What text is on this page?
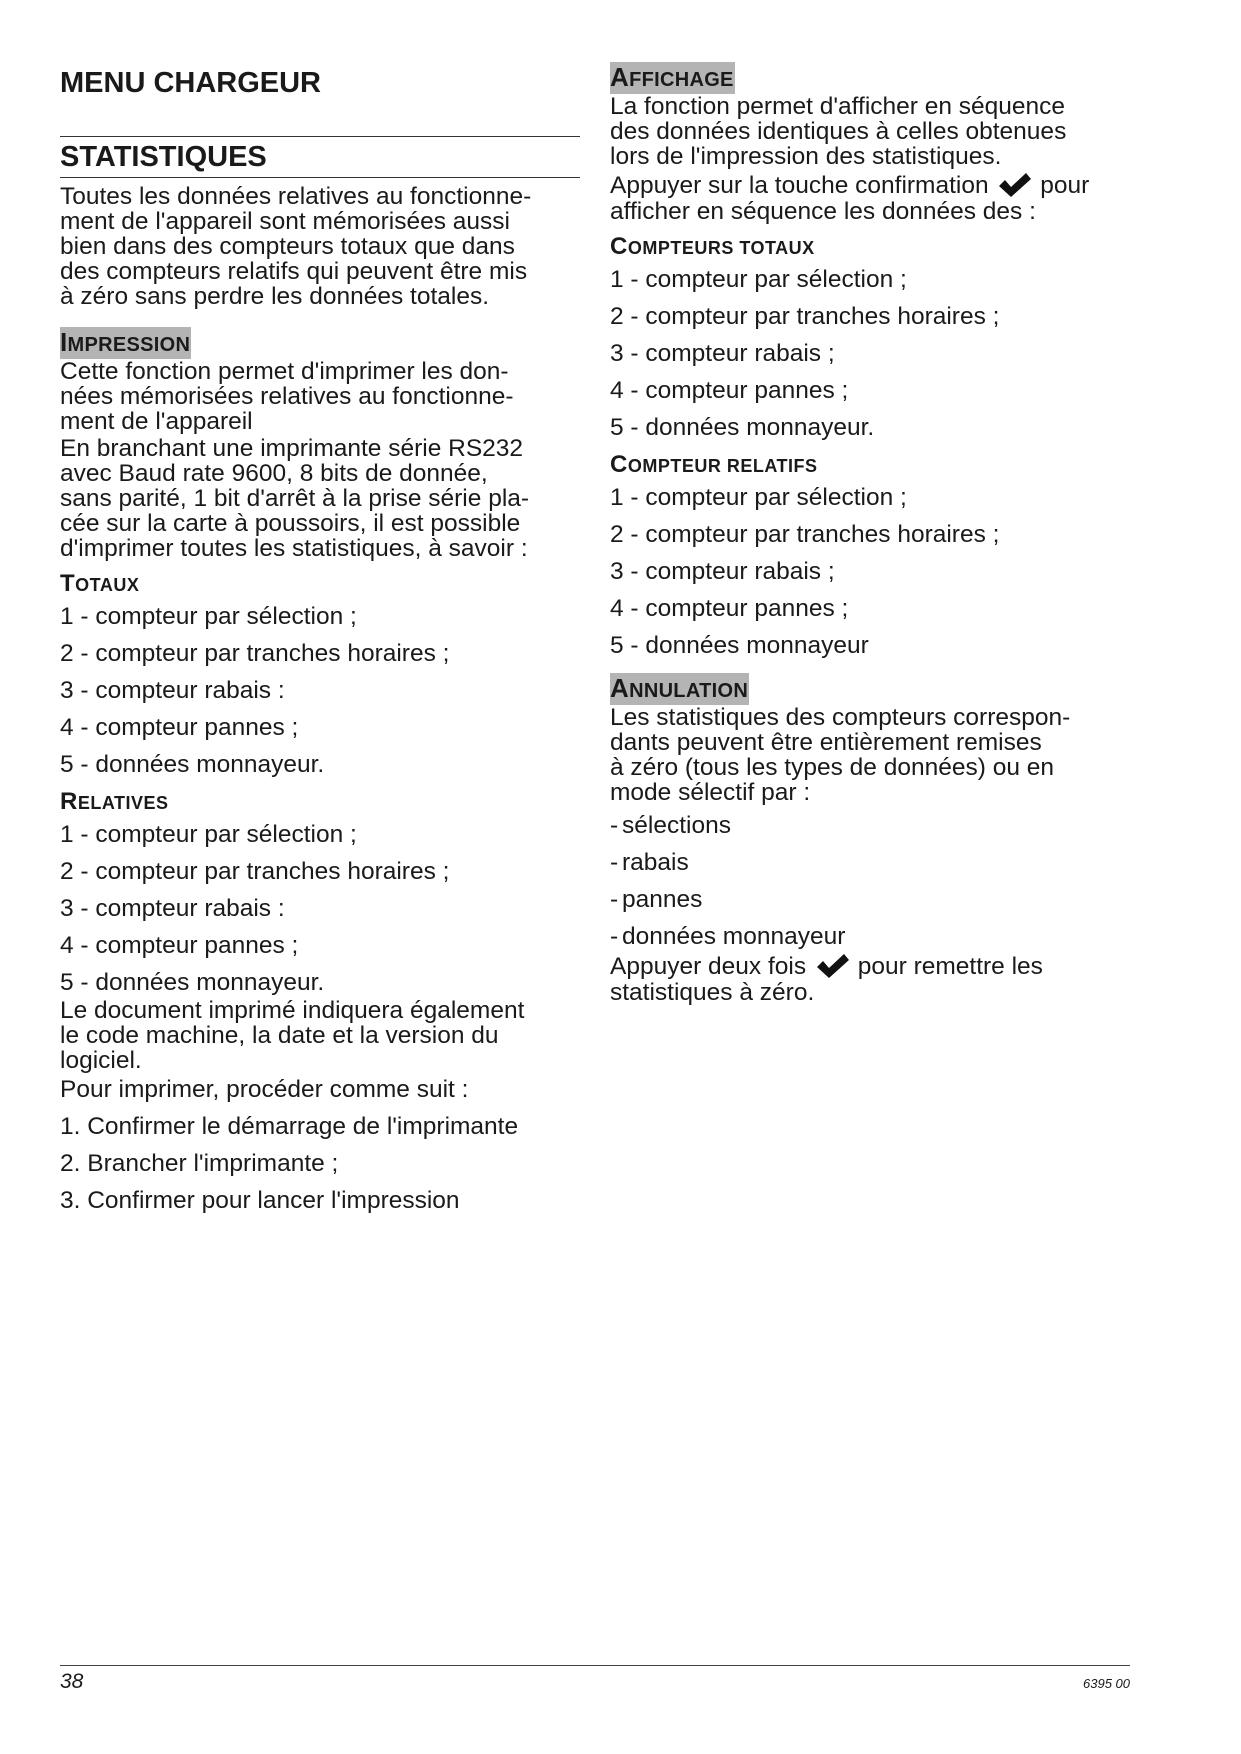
MENU CHARGEUR
STATISTIQUES

Toutes les données relatives au fonctionne-

ment de l'appareil sont mémorisées aussi

bien dans des compteurs totaux que dans

des compteurs relatifs qui peuvent être mis

à zéro sans perdre les données totales.

IMPRESSION

Cette fonction permet d'imprimer les don-

nées mémorisées relatives au fonctionne-

ment de l'appareil

En branchant une imprimante série RS232

avec Baud rate 9600, 8 bits de donnée,

sans parité, 1 bit d'arrêt à la prise série pla-

cée sur la carte à poussoirs, il est possible

d'imprimer toutes les statistiques, à savoir :

TOTAUX

1 - compteur par sélection ;

2 - compteur par tranches horaires ;

3 - compteur rabais :

4 - compteur pannes ;

5 - données monnayeur.

RELATIVES

1 - compteur par sélection ;

2 - compteur par tranches horaires ;

3 - compteur rabais :

4 - compteur pannes ;

5 - données monnayeur.

Le document imprimé indiquera également

le code machine, la date et la version du

logiciel.

Pour imprimer, procéder comme suit :

1. Confirmer le démarrage de l'imprimante

2. Brancher l'imprimante ;

3. Confirmer pour lancer l'impression

AFFICHAGE

La fonction permet d'afficher en séquence

des données identiques à celles obtenues

lors de l'impression des statistiques.

Appuyer sur la touche confirmation pour

afficher en séquence les données des :

COMPTEURS TOTAUX

1 - compteur par sélection ;

2 - compteur par tranches horaires ;

3 - compteur rabais ;

4 - compteur pannes ;

5 - données monnayeur.

COMPTEUR RELATIFS

1 - compteur par sélection ;

2 - compteur par tranches horaires ;

3 - compteur rabais ;

4 - compteur pannes ;

5 - données monnayeur

ANNULATION

Les statistiques des compteurs correspon-

dants peuvent être entièrement remises

à zéro (tous les types de données) ou en

mode sélectif par :

- sélections

- rabais

- pannes

- données monnayeur

Appuyer deux fois pour remettre les

statistiques à zéro.

38	6395 00
